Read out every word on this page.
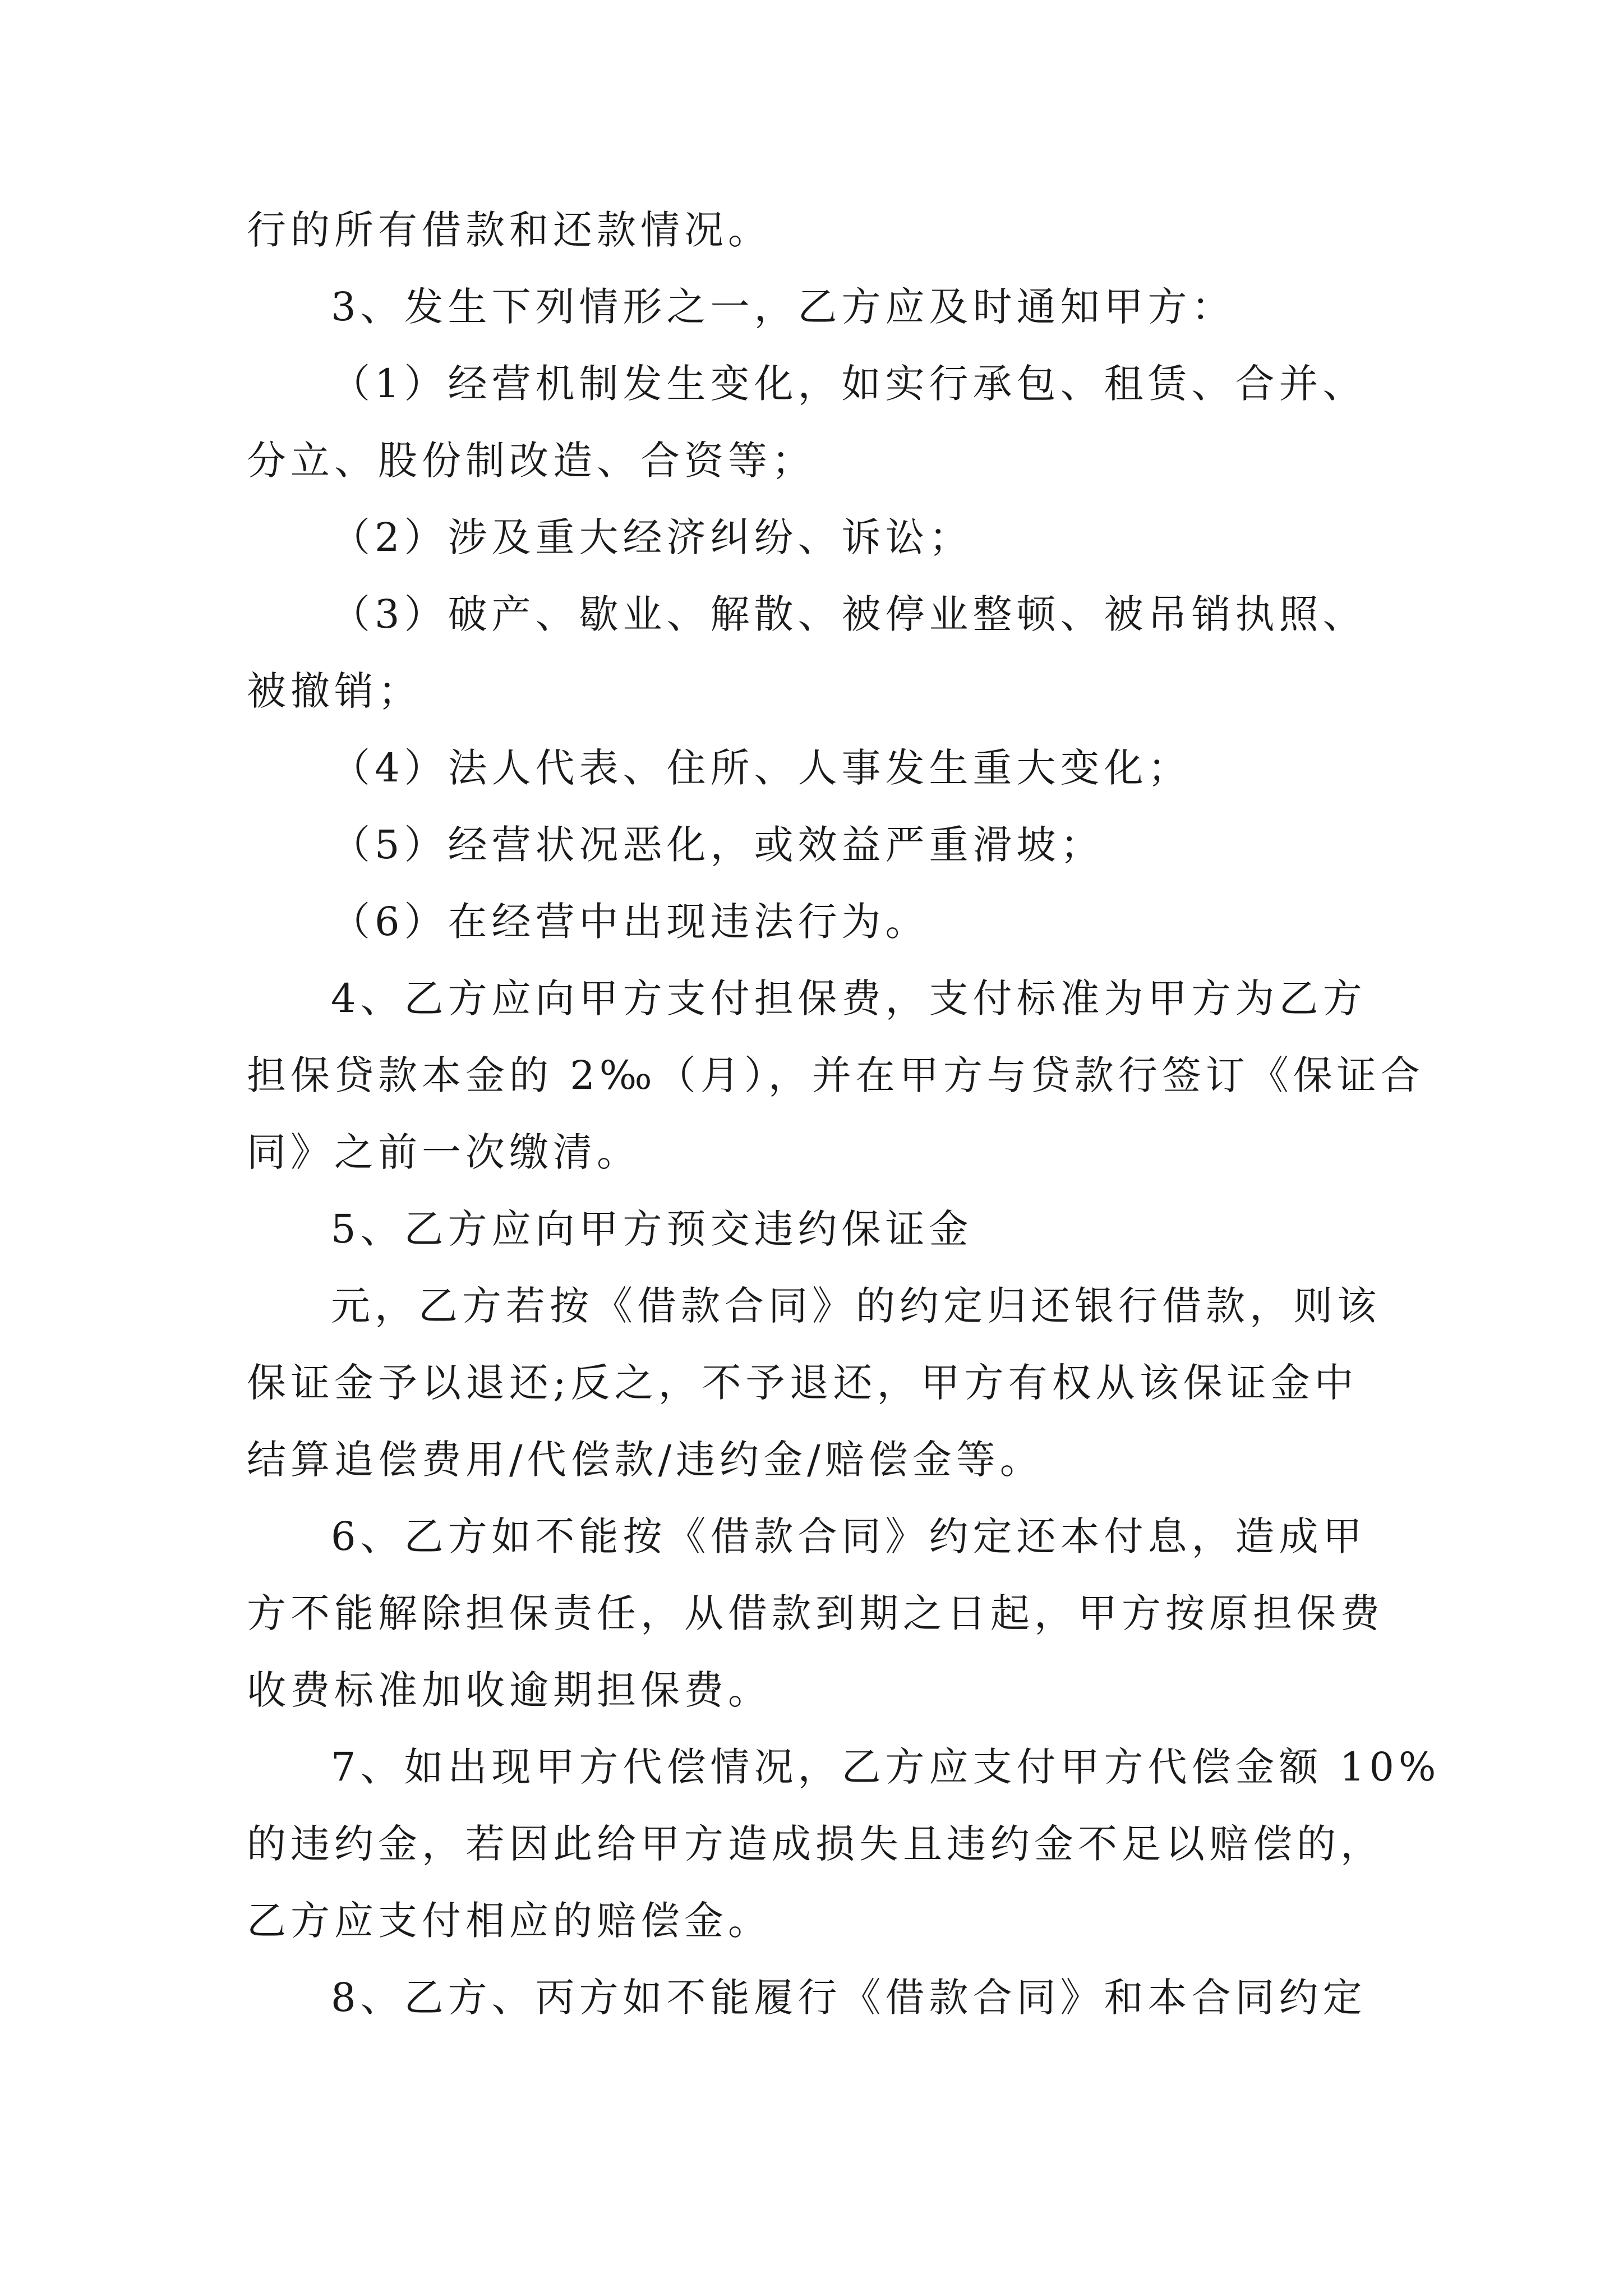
行的所有借款和还款情况。

3、发生下列情形之一，乙方应及时通知甲方：

（1）经营机制发生变化，如实行承包、租赁、合并、

分立、股份制改造、合资等；

（2）涉及重大经济纠纷、诉讼；

（3）破产、歇业、解散、被停业整顿、被吊销执照、

被撤销；

（4）法人代表、住所、人事发生重大变化；

（5）经营状况恶化，或效益严重滑坡；

（6）在经营中出现违法行为。

4、乙方应向甲方支付担保费，支付标准为甲方为乙方

担保贷款本金的 2‰（月），并在甲方与贷款行签订《保证合

同》之前一次缴清。

5、乙方应向甲方预交违约保证金

元，乙方若按《借款合同》的约定归还银行借款，则该

保证金予以退还;反之，不予退还，甲方有权从该保证金中

结算追偿费用/代偿款/违约金/赔偿金等。

6、乙方如不能按《借款合同》约定还本付息，造成甲

方不能解除担保责任，从借款到期之日起，甲方按原担保费

收费标准加收逾期担保费。

7、如出现甲方代偿情况，乙方应支付甲方代偿金额 10%

的违约金，若因此给甲方造成损失且违约金不足以赔偿的，

乙方应支付相应的赔偿金。

8、乙方、丙方如不能履行《借款合同》和本合同约定
